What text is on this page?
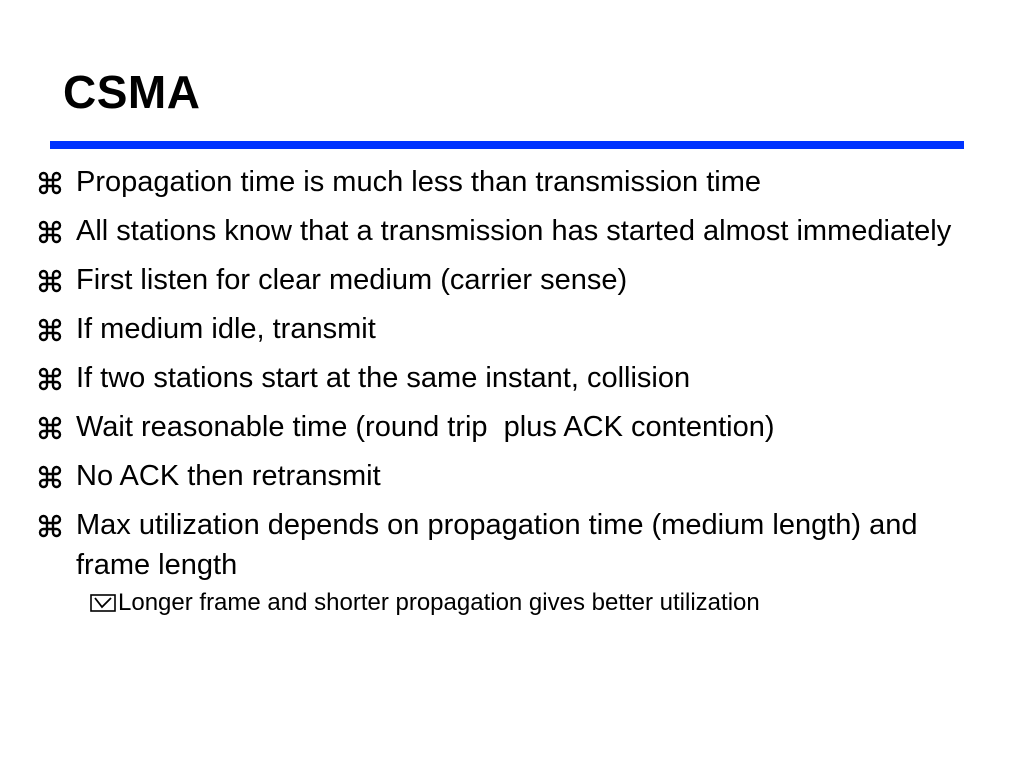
CSMA
Propagation time is much less than transmission time
All stations know that a transmission has started almost immediately
First listen for clear medium (carrier sense)
If medium idle, transmit
If two stations start at the same instant, collision
Wait reasonable time (round trip  plus ACK contention)
No ACK then retransmit
Max utilization depends on propagation time (medium length) and frame length
Longer frame and shorter propagation gives better utilization
